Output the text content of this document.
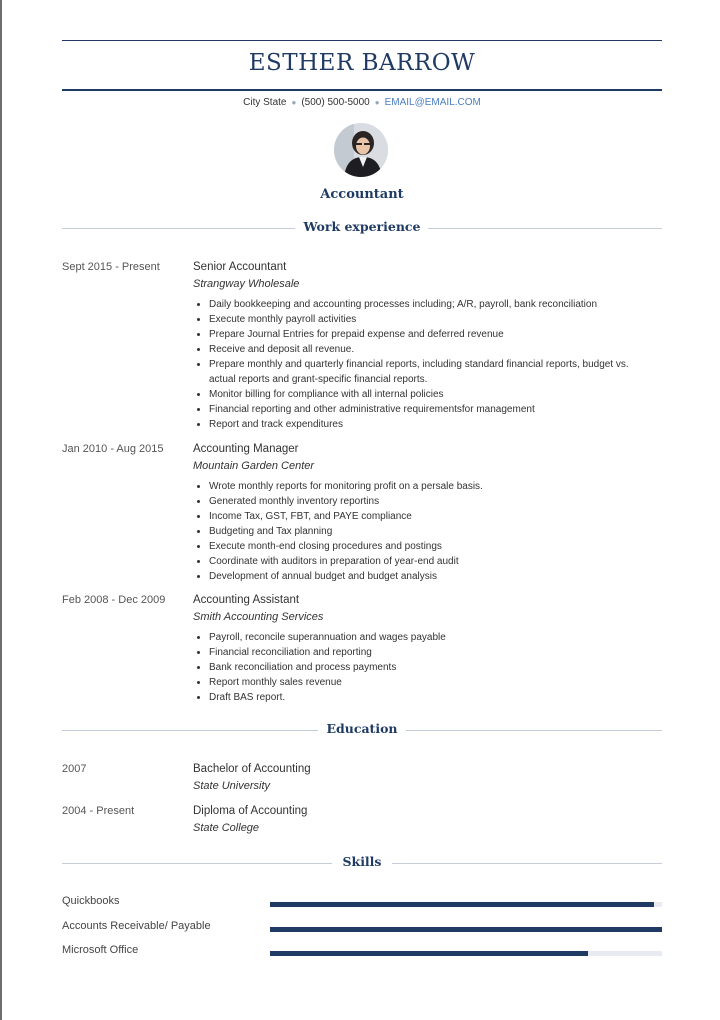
ESTHER BARROW
City State ● (500) 500-5000 ● EMAIL@EMAIL.COM
Accountant
Work experience
Sept 2015 - Present	Senior Accountant
Strangway Wholesale
Daily bookkeeping and accounting processes including; A/R, payroll, bank reconciliation
Execute monthly payroll activities
Prepare Journal Entries for prepaid expense and deferred revenue
Receive and deposit all revenue.
Prepare monthly and quarterly financial reports, including standard financial reports, budget vs. actual reports and grant-specific financial reports.
Monitor billing for compliance with all internal policies
Financial reporting and other administrative requirementsfor management
Report and track expenditures
Jan 2010 - Aug 2015	Accounting Manager
Mountain Garden Center
Wrote monthly reports for monitoring profit on a persale basis.
Generated monthly inventory reportins
Income Tax, GST, FBT, and PAYE compliance
Budgeting and Tax planning
Execute month-end closing procedures and postings
Coordinate with auditors in preparation of year-end audit
Development of annual budget and budget analysis
Feb 2008 - Dec 2009	Accounting Assistant
Smith Accounting Services
Payroll, reconcile superannuation and wages payable
Financial reconciliation and reporting
Bank reconciliation and process payments
Report monthly sales revenue
Draft BAS report.
Education
2007	Bachelor of Accounting
State University
2004 - Present	Diploma of Accounting
State College
Skills
Quickbooks
Accounts Receivable/ Payable
Microsoft Office
